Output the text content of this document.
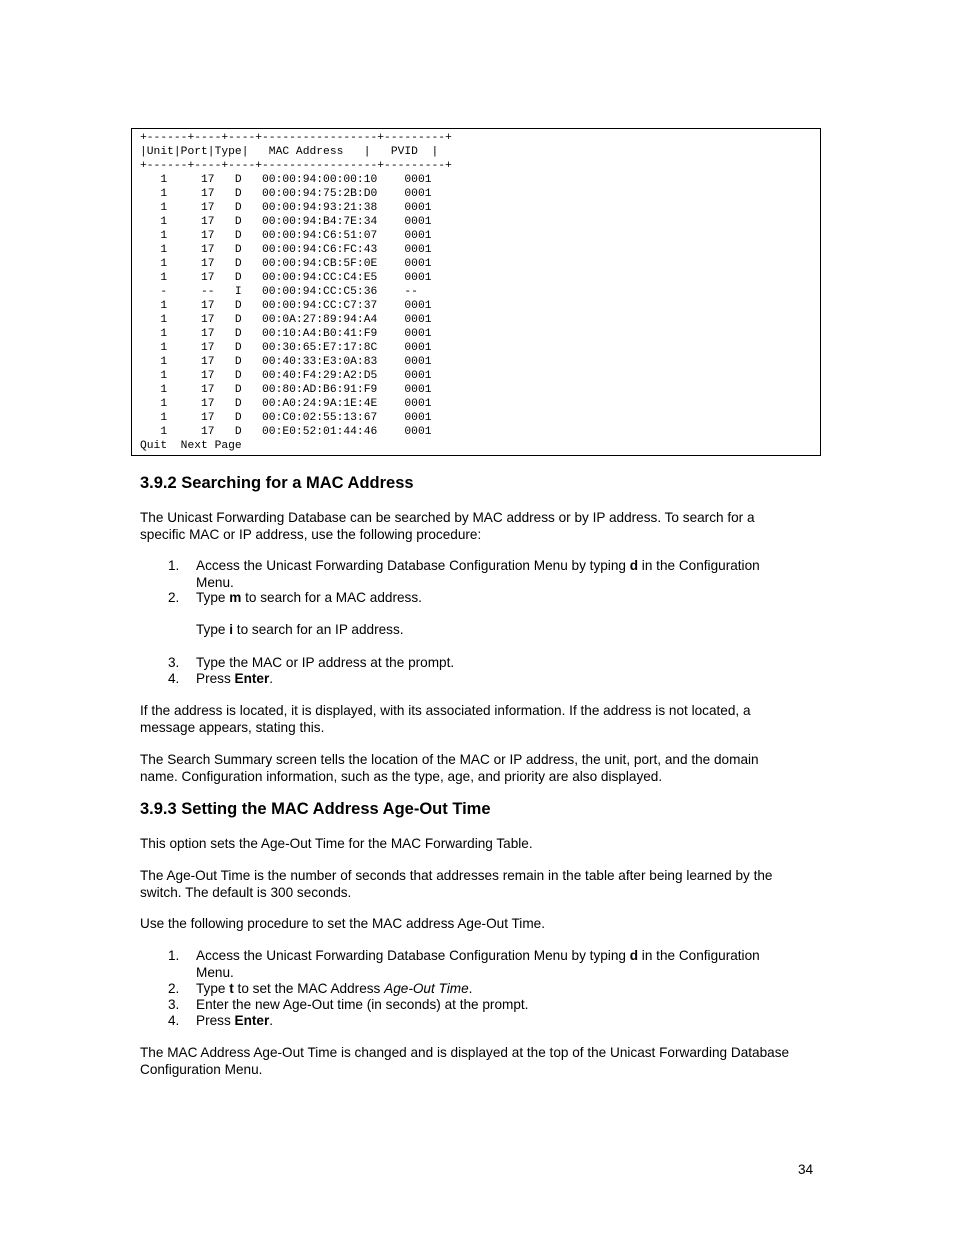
+------+----+----+-----------------+---------+
|Unit|Port|Type|   MAC Address   |   PVID  |
+------+----+----+-----------------+---------+
1     17   D   00:00:94:00:00:10    0001
1     17   D   00:00:94:75:2B:D0    0001
1     17   D   00:00:94:93:21:38    0001
1     17   D   00:00:94:B4:7E:34    0001
1     17   D   00:00:94:C6:51:07    0001
1     17   D   00:00:94:C6:FC:43    0001
1     17   D   00:00:94:CB:5F:0E    0001
1     17   D   00:00:94:CC:C4:E5    0001
-     --   I   00:00:94:CC:C5:36    --
1     17   D   00:00:94:CC:C7:37    0001
1     17   D   00:0A:27:89:94:A4    0001
1     17   D   00:10:A4:B0:41:F9    0001
1     17   D   00:30:65:E7:17:8C    0001
1     17   D   00:40:33:E3:0A:83    0001
1     17   D   00:40:F4:29:A2:D5    0001
1     17   D   00:80:AD:B6:91:F9    0001
1     17   D   00:A0:24:9A:1E:4E    0001
1     17   D   00:C0:02:55:13:67    0001
1     17   D   00:E0:52:01:44:46    0001
Quit  Next Page
3.9.2 Searching for a MAC Address
The Unicast Forwarding Database can be searched by MAC address or by IP address. To search for a
specific MAC or IP address, use the following procedure:
1. Access the Unicast Forwarding Database Configuration Menu by typing d in the Configuration
Menu.
2. Type m to search for a MAC address.
Type i to search for an IP address.
3. Type the MAC or IP address at the prompt.
4. Press Enter.
If the address is located, it is displayed, with its associated information. If the address is not located, a
message appears, stating this.
The Search Summary screen tells the location of the MAC or IP address, the unit, port, and the domain
name. Configuration information, such as the type, age, and priority are also displayed.
3.9.3 Setting the MAC Address Age-Out Time
This option sets the Age-Out Time for the MAC Forwarding Table.
The Age-Out Time is the number of seconds that addresses remain in the table after being learned by the
switch. The default is 300 seconds.
Use the following procedure to set the MAC address Age-Out Time.
1. Access the Unicast Forwarding Database Configuration Menu by typing d in the Configuration
Menu.
2. Type t to set the MAC Address Age-Out Time.
3. Enter the new Age-Out time (in seconds) at the prompt.
4. Press Enter.
The MAC Address Age-Out Time is changed and is displayed at the top of the Unicast Forwarding Database
Configuration Menu.
34
